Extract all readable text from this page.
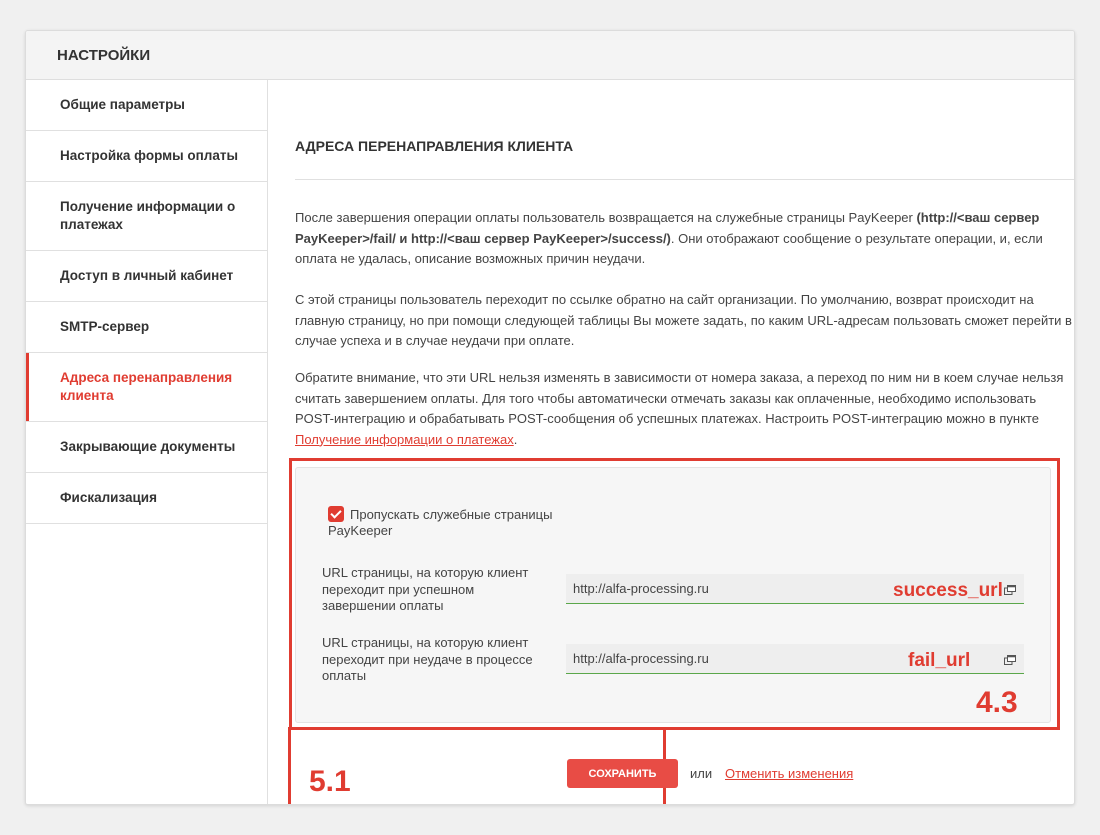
НАСТРОЙКИ
Общие параметры
Настройка формы оплаты
Получение информации о платежах
Доступ в личный кабинет
SMTP-сервер
Адреса перенаправления клиента
Закрывающие документы
Фискализация
АДРЕСА ПЕРЕНАПРАВЛЕНИЯ КЛИЕНТА
После завершения операции оплаты пользователь возвращается на служебные страницы PayKeeper (http://<ваш сервер PayKeeper>/fail/ и http://<ваш сервер PayKeeper>/success/). Они отображают сообщение о результате операции, и, если оплата не удалась, описание возможных причин неудачи.
С этой страницы пользователь переходит по ссылке обратно на сайт организации. По умолчанию, возврат происходит на главную страницу, но при помощи следующей таблицы Вы можете задать, по каким URL-адресам пользовать сможет перейти в случае успеха и в случае неудачи при оплате.
Обратите внимание, что эти URL нельзя изменять в зависимости от номера заказа, а переход по ним ни в коем случае нельзя считать завершением оплаты. Для того чтобы автоматически отмечать заказы как оплаченные, необходимо использовать POST-интеграцию и обрабатывать POST-сообщения об успешных платежах. Настроить POST-интеграцию можно в пункте Получение информации о платежах.
Пропускать служебные страницы PayKeeper
URL страницы, на которую клиент переходит при успешном завершении оплаты
http://alfa-processing.ru
success_url
URL страницы, на которую клиент переходит при неудаче в процессе оплаты
http://alfa-processing.ru
fail_url
4.3
5.1	СОХРАНИТЬ	или Отменить изменения
